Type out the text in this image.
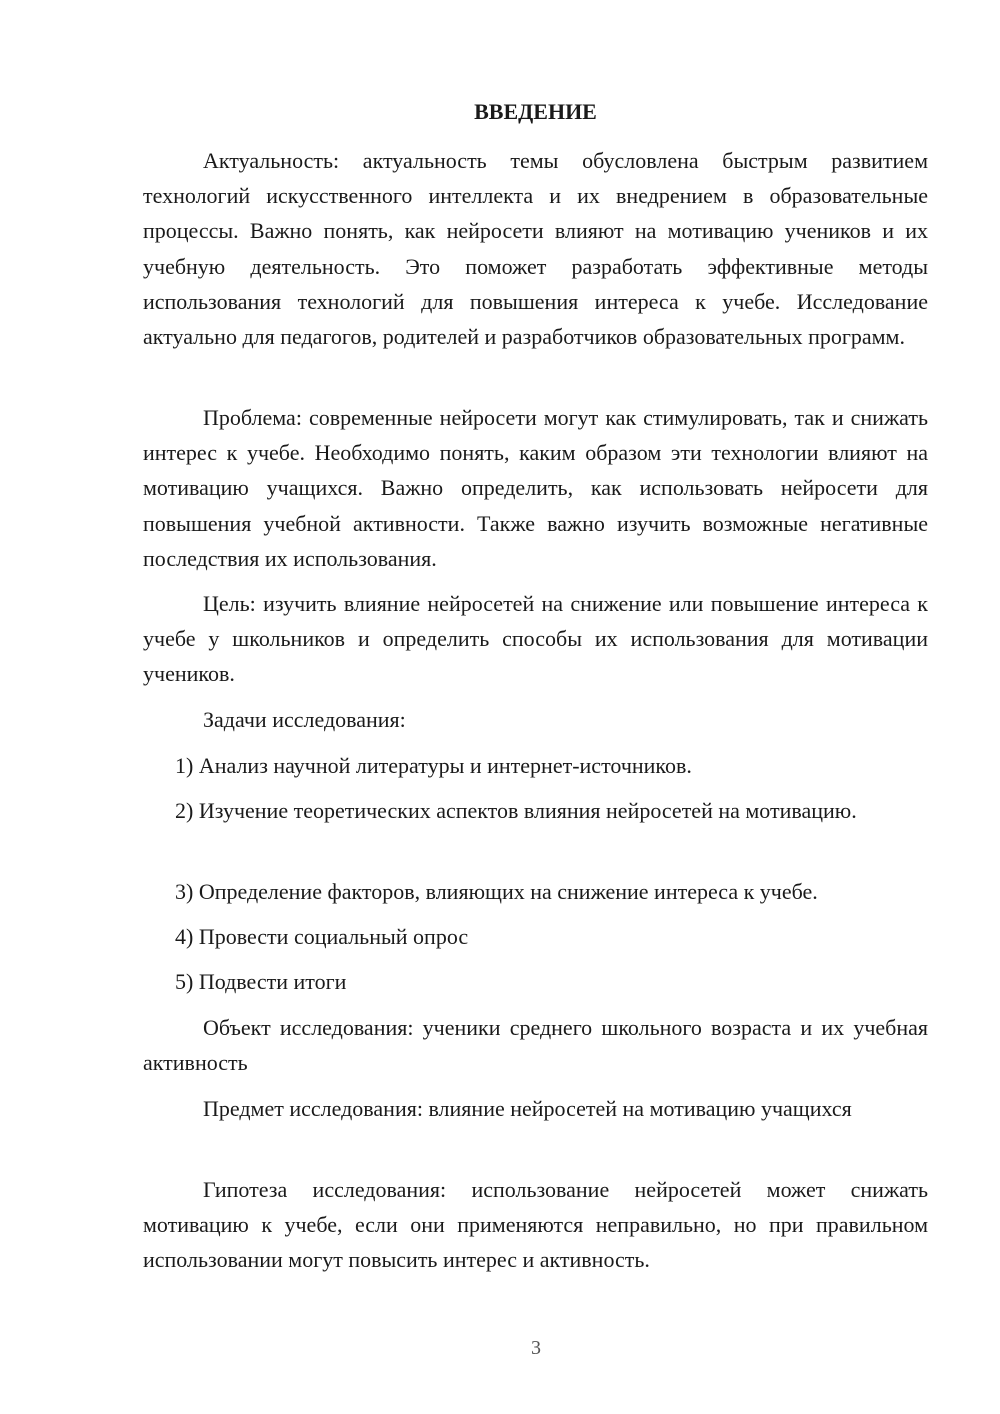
ВВЕДЕНИЕ

Актуальность: актуальность темы обусловлена быстрым развитием технологий искусственного интеллекта и их внедрением в образовательные процессы. Важно понять, как нейросети влияют на мотивацию учеников и их учебную деятельность. Это поможет разработать эффективные методы использования технологий для повышения интереса к учебе. Исследование актуально для педагогов, родителей и разработчиков образовательных программ.

Проблема: современные нейросети могут как стимулировать, так и снижать интерес к учебе. Необходимо понять, каким образом эти технологии влияют на мотивацию учащихся. Важно определить, как использовать нейросети для повышения учебной активности. Также важно изучить возможные негативные последствия их использования.

Цель: изучить влияние нейросетей на снижение или повышение интереса к учебе у школьников и определить способы их использования для мотивации учеников.

Задачи исследования:

1) Анализ научной литературы и интернет-источников.

2) Изучение теоретических аспектов влияния нейросетей на мотивацию.

3) Определение факторов, влияющих на снижение интереса к учебе.

4) Провести социальный опрос

5) Подвести итоги

Объект исследования: ученики среднего школьного возраста и их учебная активность

Предмет исследования: влияние нейросетей на мотивацию учащихся

Гипотеза исследования: использование нейросетей может снижать мотивацию к учебе, если они применяются неправильно, но при правильном использовании могут повысить интерес и активность.

3
